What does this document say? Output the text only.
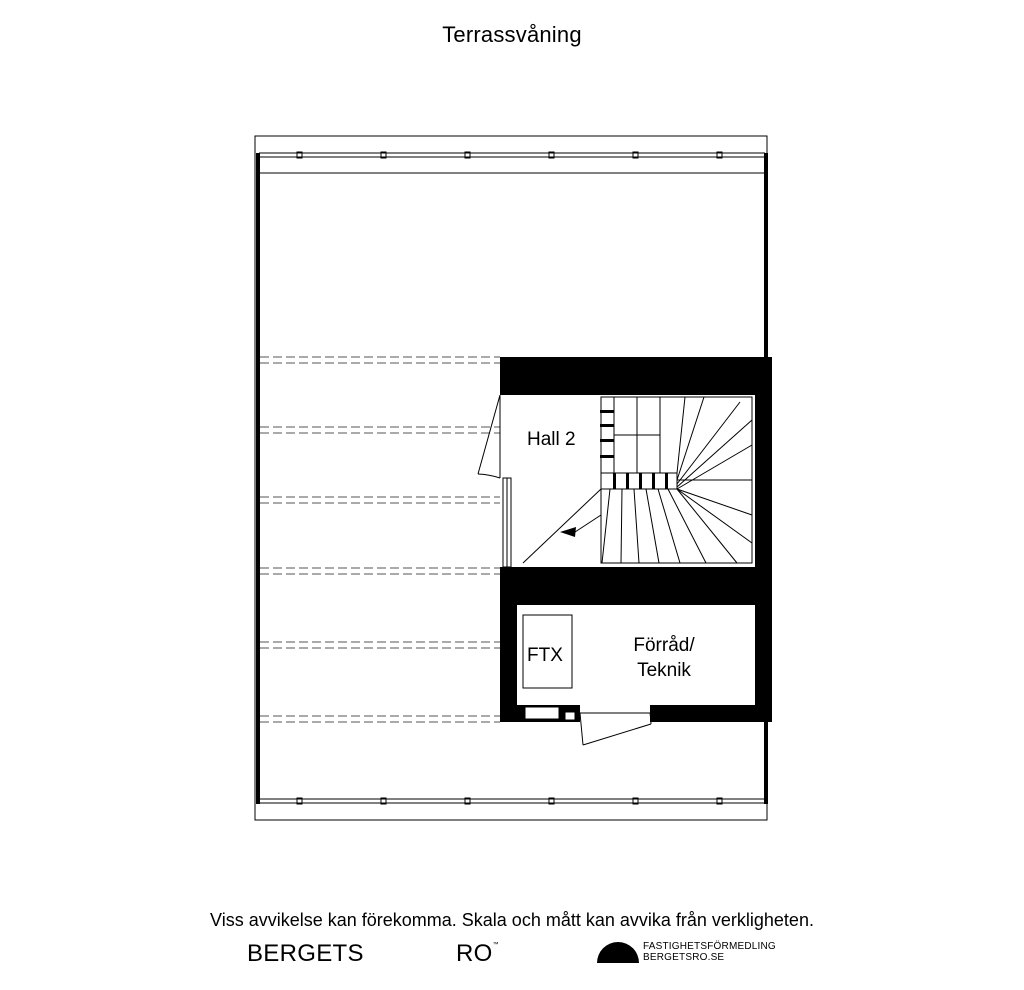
Terrassvåning
Hall 2
FTX	Förråd/
Teknik
Viss avvikelse kan förekomma. Skala och mått kan avvika från verkligheten.
BERGETS	RO™	FASTIGHETSFÖRMEDLING
BERGETSRO.SE
